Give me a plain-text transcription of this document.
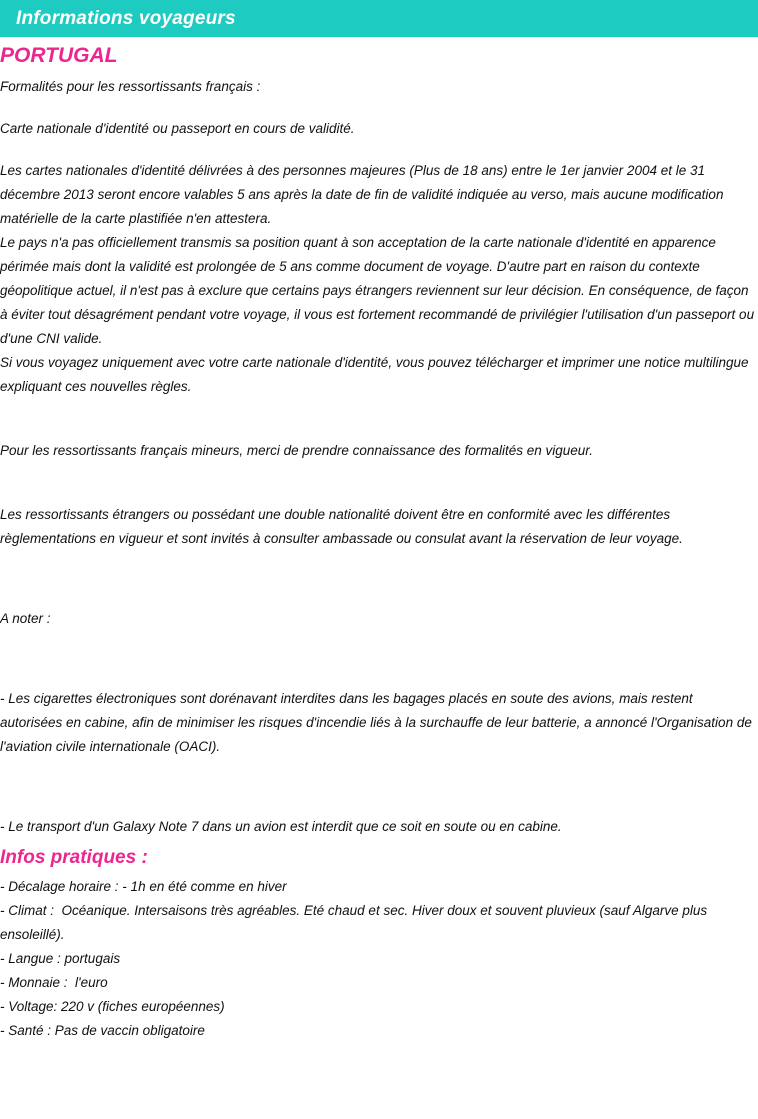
Informations voyageurs
PORTUGAL

Formalités pour les ressortissants français :

Carte nationale d'identité ou passeport en cours de validité.

Les cartes nationales d'identité délivrées à des personnes majeures (Plus de 18 ans) entre le 1er janvier 2004 et le 31 décembre 2013 seront encore valables 5 ans après la date de fin de validité indiquée au verso, mais aucune modification matérielle de la carte plastifiée n'en attestera.

Le pays n'a pas officiellement transmis sa position quant à son acceptation de la carte nationale d'identité en apparence périmée mais dont la validité est prolongée de 5 ans comme document de voyage. D'autre part en raison du contexte géopolitique actuel, il n'est pas à exclure que certains pays étrangers reviennent sur leur décision. En conséquence, de façon à éviter tout désagrément pendant votre voyage, il vous est fortement recommandé de privilégier l'utilisation d'un passeport ou d'une CNI valide.

Si vous voyagez uniquement avec votre carte nationale d'identité, vous pouvez télécharger et imprimer une notice multilingue expliquant ces nouvelles règles.

Pour les ressortissants français mineurs, merci de prendre connaissance des formalités en vigueur.

Les ressortissants étrangers ou possédant une double nationalité doivent être en conformité avec les différentes règlementations en vigueur et sont invités à consulter ambassade ou consulat avant la réservation de leur voyage.

A noter :

- Les cigarettes électroniques sont dorénavant interdites dans les bagages placés en soute des avions, mais restent autorisées en cabine, afin de minimiser les risques d'incendie liés à la surchauffe de leur batterie, a annoncé l'Organisation de l'aviation civile internationale (OACI).

- Le transport d'un Galaxy Note 7 dans un avion est interdit que ce soit en soute ou en cabine.

Infos pratiques :

- Décalage horaire : - 1h en été comme en hiver

- Climat :  Océanique. Intersaisons très agréables. Eté chaud et sec. Hiver doux et souvent pluvieux (sauf Algarve plus ensoleillé).

- Langue : portugais

- Monnaie :  l'euro

- Voltage: 220 v (fiches européennes)

- Santé : Pas de vaccin obligatoire
